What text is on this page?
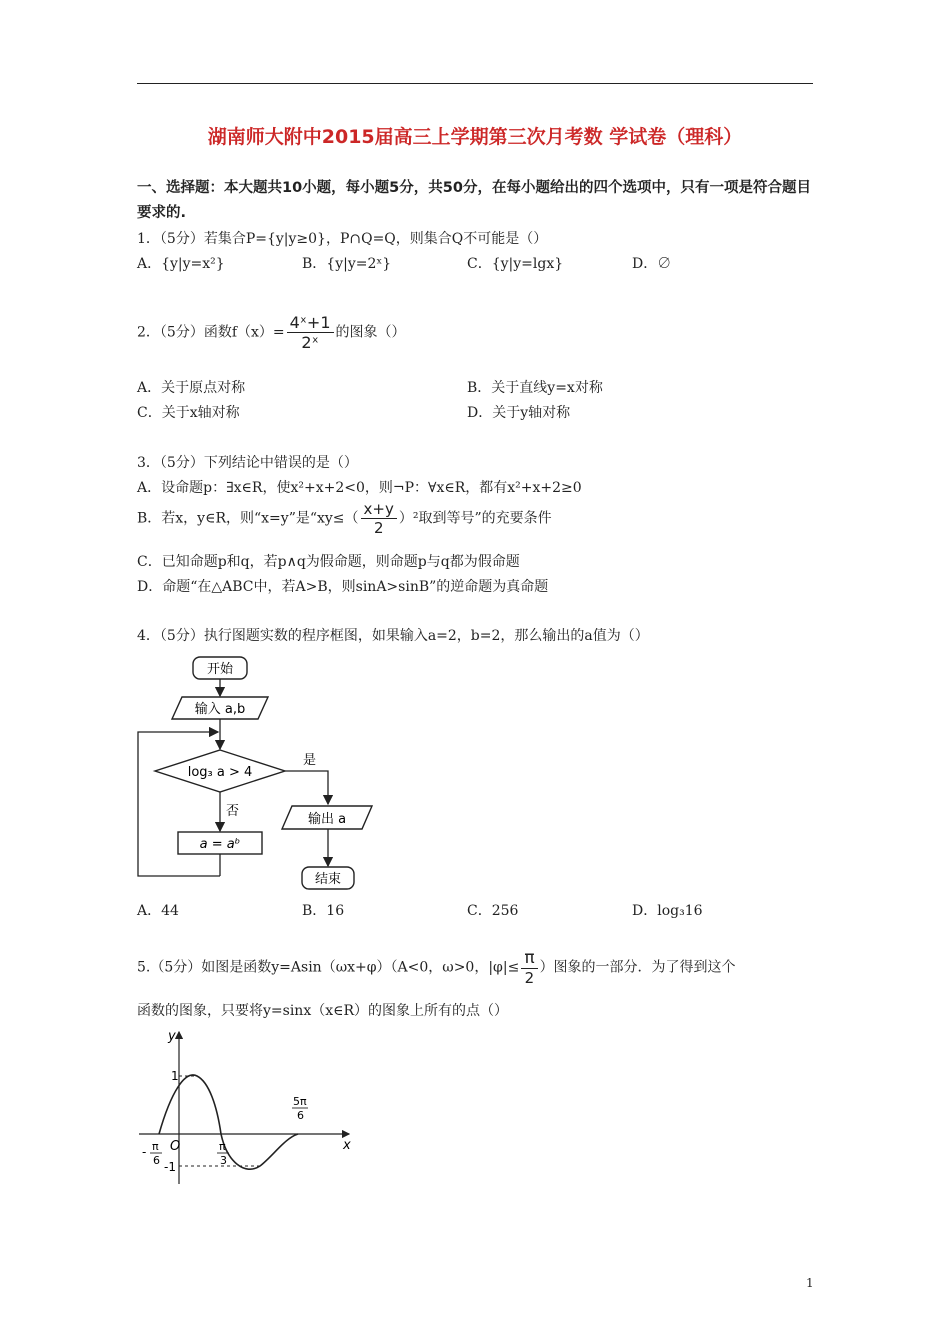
湖南师大附中2015届高三上学期第三次月考数 学试卷（理科）
一、选择题：本大题共10小题，每小题5分，共50分，在每小题给出的四个选项中，只有一项是符合题目要求的.
1．（5分）若集合P={y|y≥0}，P∩Q=Q，则集合Q不可能是（）
A．{y|y=x²}	B．{y|y=2ˣ}	C．{y|y=lgx}	D．∅
2．（5分）函数$f(x)= \frac{\text{4ˣ+1}}{\text{2ˣ}}$ 的图象（）
A．关于原点对称	B．关于直线y=x对称
C．关于x轴对称	D．关于y轴对称
3．（5分）下列结论中错误的是（）
A．设命题p：∃x∈R，使x²+x+2<0，则¬P：∀x∈R，都有x²+x+2≥0
B．若x，y∈R，则“x=y”是“$xy\le( \frac{x+y}{2} )^2$取到等号”的充要条件
C．已知命题p和q，若p∧q为假命题，则命题p与q都为假命题
D．命题“在△ABC中，若A>B，则sinA>sinB”的逆命题为真命题
4．（5分）执行图题实数的程序框图，如果输入a=2，b=2，那么输出的a值为（）
开始
输入 a,b
log₃ a > 4
是
否
输出 a
a = aᵇ
结束
A．44	B．16	C．256	D．log₃16
5.（5分）如图是函数y=Asin（ωx+φ）（A<0，ω>0，$|\varphi|\le \frac{\pi}{2}$ ）图象的一部分．为了得到这个
函数的图象，只要将y=sinx（x∈R）的图象上所有的点（）
y
x
O
1
-1
- π
6
π
3
5π
6
1
